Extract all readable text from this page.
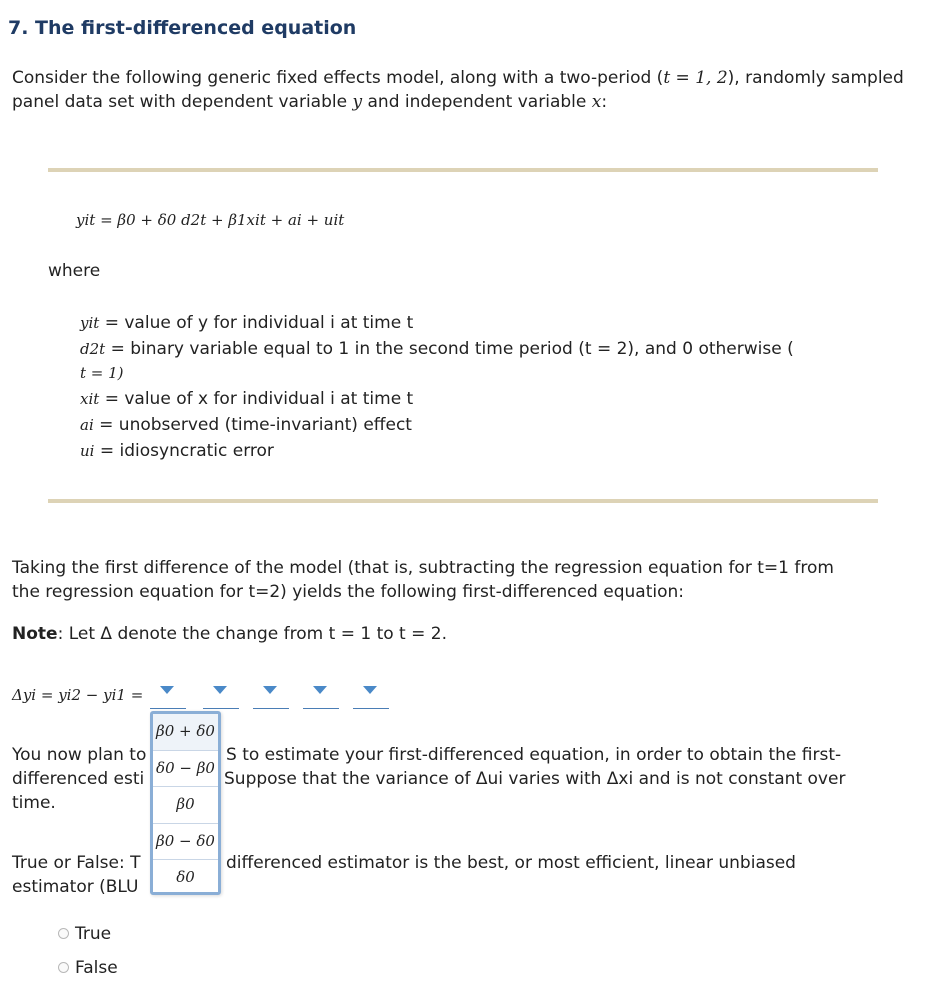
7. The first-differenced equation
Consider the following generic fixed effects model, along with a two-period (t = 1, 2), randomly sampled panel data set with dependent variable y and independent variable x:
yit = β0 + δ0 d2t + β1xit + ai + uit
where
yit = value of y for individual i at time t
d2t = binary variable equal to 1 in the second time period (t = 2), and 0 otherwise (
t = 1)
xit = value of x for individual i at time t
ai = unobserved (time-invariant) effect
ui = idiosyncratic error
Taking the first difference of the model (that is, subtracting the regression equation for t=1 from
the regression equation for t=2) yields the following first-differenced equation:
Note: Let Δ denote the change from t = 1 to t = 2.
Δyi = yi2 − yi1 =
You now plan to	S to estimate your first-differenced equation, in order to obtain the first-
differenced esti	Suppose that the variance of Δui varies with Δxi and is not constant over
time.
True or False: T	differenced estimator is the best, or most efficient, linear unbiased
estimator (BLU
True
False
β0 + δ0
δ0 − β0
β0
β0 − δ0
δ0
